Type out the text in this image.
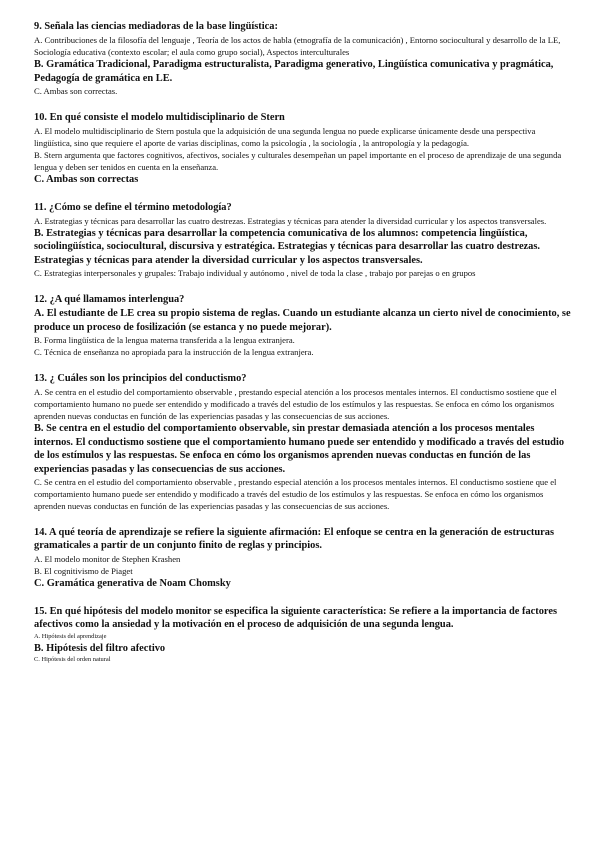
9. Señala las ciencias mediadoras de la base lingüística:

A. Contribuciones de la filosofía del lenguaje , Teoría de los actos de habla (etnografía de la comunicación) , Entorno sociocultural y desarrollo de la LE, Sociología educativa (contexto escolar; el aula como grupo social), Aspectos interculturales

B. Gramática Tradicional, Paradigma estructuralista, Paradigma generativo, Lingüística comunicativa y pragmática, Pedagogía de gramática en LE.

C. Ambas son correctas.

10. En qué consiste el modelo multidisciplinario de Stern

A. El modelo multidisciplinario de Stern postula que la adquisición de una segunda lengua no puede explicarse únicamente desde una perspectiva lingüística, sino que requiere el aporte de varias disciplinas, como la psicología , la sociología , la antropología y la pedagogía.

B. Stern argumenta que factores cognitivos, afectivos, sociales y culturales desempeñan un papel importante en el proceso de aprendizaje de una segunda lengua y deben ser tenidos en cuenta en la enseñanza.

C. Ambas son correctas

11. ¿Cómo se define el término metodología?

A. Estrategias y técnicas para desarrollar las cuatro destrezas. Estrategias y técnicas para atender la diversidad curricular y los aspectos transversales.

B. Estrategias y técnicas para desarrollar la competencia comunicativa de los alumnos: competencia lingüística, sociolingüística, sociocultural, discursiva y estratégica. Estrategias y técnicas para desarrollar las cuatro destrezas. Estrategias y técnicas para atender la diversidad curricular y los aspectos transversales.

C. Estrategias interpersonales y grupales: Trabajo individual y autónomo , nivel de toda la clase , trabajo por parejas o en grupos

12. ¿A qué llamamos interlengua?

A. El estudiante de LE crea su propio sistema de reglas. Cuando un estudiante alcanza un cierto nivel de conocimiento, se produce un proceso de fosilización (se estanca y no puede mejorar).

B. Forma lingüística de la lengua materna transferida a la lengua extranjera.

C. Técnica de enseñanza no apropiada para la instrucción de la lengua extranjera.

13. ¿ Cuáles son los principios del conductismo?

A. Se centra en el estudio del comportamiento observable , prestando especial atención a los procesos mentales internos. El conductismo sostiene que el comportamiento humano no puede ser entendido y modificado a través del estudio de los estímulos y las respuestas. Se enfoca en cómo los organismos aprenden nuevas conductas en función de las experiencias pasadas y las consecuencias de sus acciones.

B. Se centra en el estudio del comportamiento observable, sin prestar demasiada atención a los procesos mentales internos. El conductismo sostiene que el comportamiento humano puede ser entendido y modificado a través del estudio de los estímulos y las respuestas. Se enfoca en cómo los organismos aprenden nuevas conductas en función de las experiencias pasadas y las consecuencias de sus acciones.

C. Se centra en el estudio del comportamiento observable , prestando especial atención a los procesos mentales internos. El conductismo sostiene que el comportamiento humano puede ser entendido y modificado a través del estudio de los estímulos y las respuestas. Se enfoca en cómo los organismos aprenden nuevas conductas en función de las experiencias pasadas y las consecuencias de sus acciones.

14. A qué teoría de aprendizaje se refiere la siguiente afirmación: El enfoque se centra en la generación de estructuras gramaticales a partir de un conjunto finito de reglas y principios.

A. El modelo monitor de Stephen Krashen

B. El cognitivismo de Piaget

C. Gramática generativa de Noam Chomsky

15. En qué hipótesis del modelo monitor se especifica la siguiente característica: Se refiere a la importancia de factores afectivos como la ansiedad y la motivación en el proceso de adquisición de una segunda lengua.

A. Hipótesis del aprendizaje

B. Hipótesis del filtro afectivo

C. Hipótesis del orden natural
